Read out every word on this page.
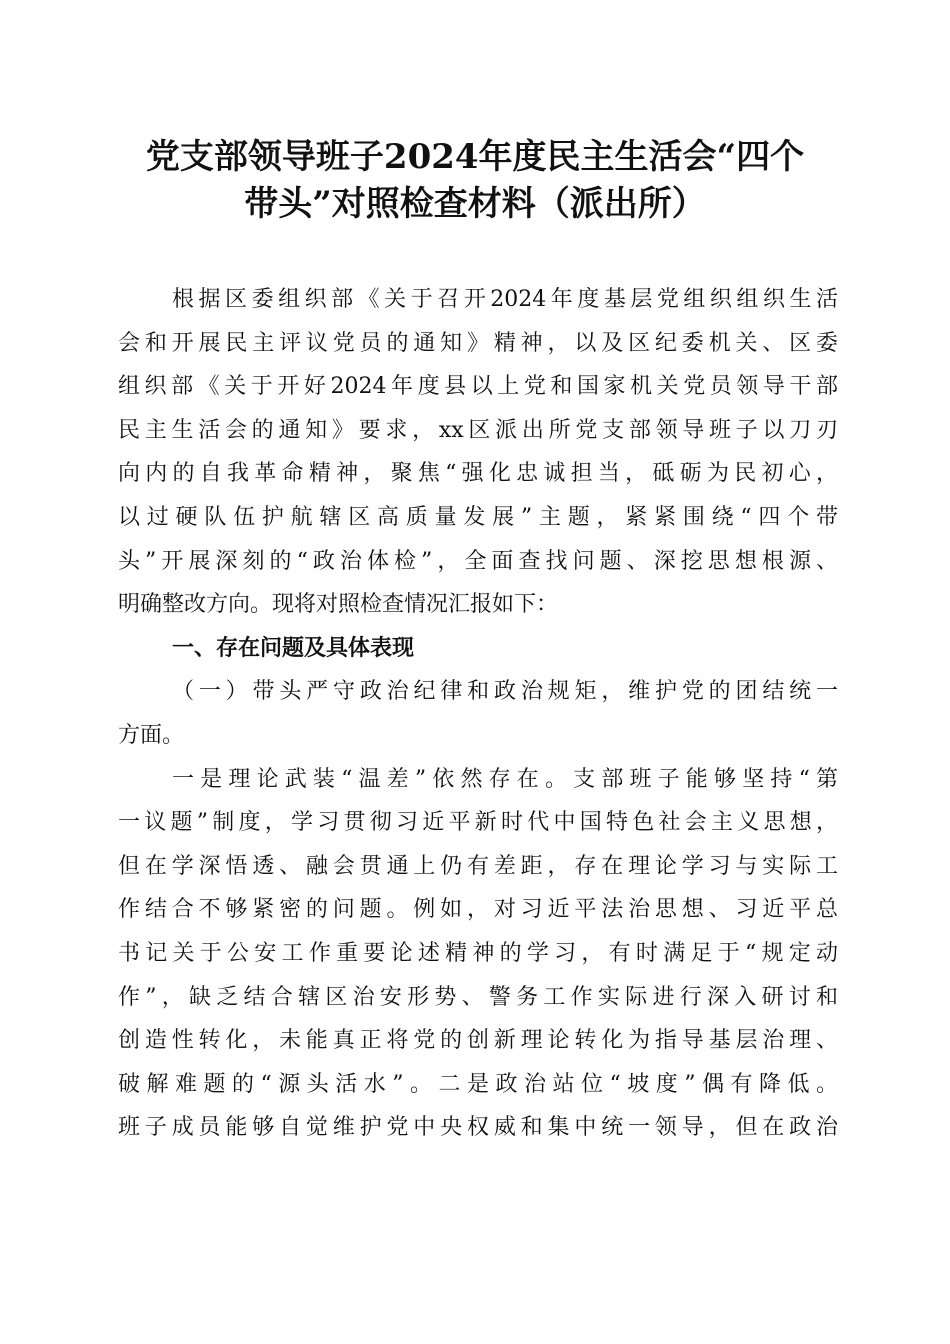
党支部领导班子2024年度民主生活会“四个
带头”对照检查材料（派出所）
根据区委组织部《关于召开2024年度基层党组织组织生活
会和开展民主评议党员的通知》精神，以及区纪委机关、区委
组织部《关于开好2024年度县以上党和国家机关党员领导干部
民主生活会的通知》要求，xx区派出所党支部领导班子以刀刃
向内的自我革命精神，聚焦“强化忠诚担当，砥砺为民初心，
以过硬队伍护航辖区高质量发展”主题，紧紧围绕“四个带
头”开展深刻的“政治体检”，全面查找问题、深挖思想根源、
明确整改方向。现将对照检查情况汇报如下：
一、存在问题及具体表现
（一）带头严守政治纪律和政治规矩，维护党的团结统一
方面。
一是理论武装“温差”依然存在。支部班子能够坚持“第
一议题”制度，学习贯彻习近平新时代中国特色社会主义思想，
但在学深悟透、融会贯通上仍有差距，存在理论学习与实际工
作结合不够紧密的问题。例如，对习近平法治思想、习近平总
书记关于公安工作重要论述精神的学习，有时满足于“规定动
作”，缺乏结合辖区治安形势、警务工作实际进行深入研讨和
创造性转化，未能真正将党的创新理论转化为指导基层治理、
破解难题的“源头活水”。二是政治站位“坡度”偶有降低。
班子成员能够自觉维护党中央权威和集中统一领导，但在政治
